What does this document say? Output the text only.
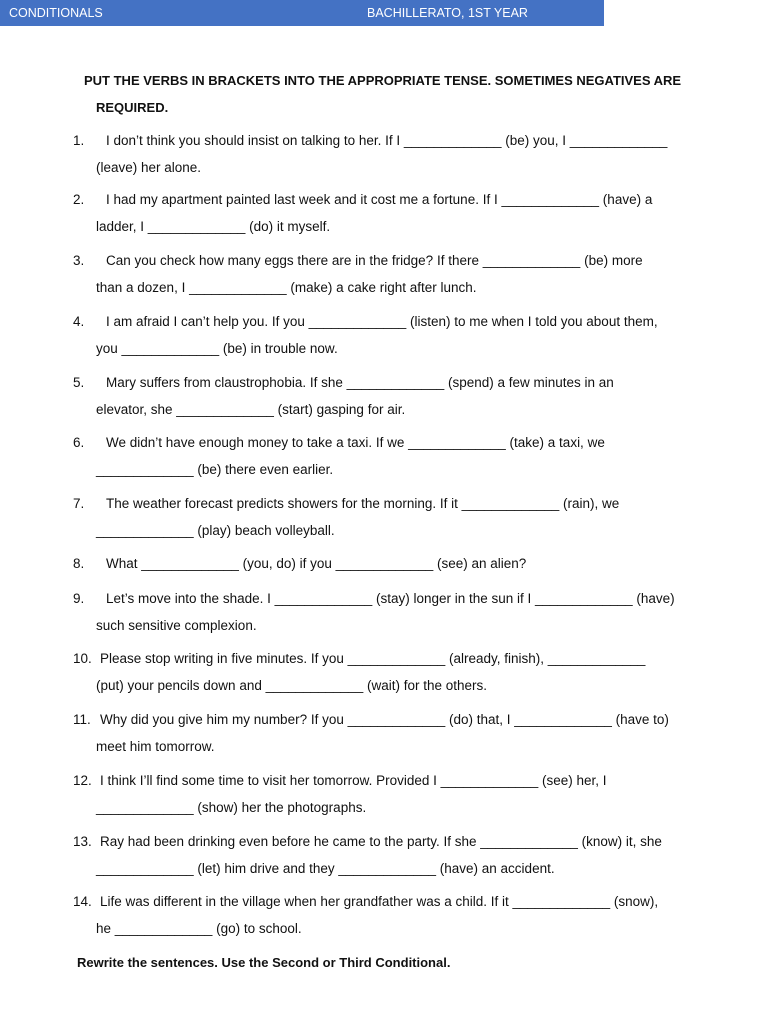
CONDITIONALS	BACHILLERATO, 1ST YEAR
PUT THE VERBS IN BRACKETS INTO THE APPROPRIATE TENSE. SOMETIMES NEGATIVES ARE
REQUIRED.
1. I don’t think you should insist on talking to her. If I _____________ (be) you, I _____________
(leave) her alone.
2. I had my apartment painted last week and it cost me a fortune. If I _____________ (have) a
ladder, I _____________ (do) it myself.
3. Can you check how many eggs there are in the fridge? If there _____________ (be) more
than a dozen, I _____________ (make) a cake right after lunch.
4. I am afraid I can’t help you. If you _____________ (listen) to me when I told you about them,
you _____________ (be) in trouble now.
5. Mary suffers from claustrophobia. If she _____________ (spend) a few minutes in an
elevator, she _____________ (start) gasping for air.
6. We didn’t have enough money to take a taxi. If we _____________ (take) a taxi, we
_____________ (be) there even earlier.
7. The weather forecast predicts showers for the morning. If it _____________ (rain), we
_____________ (play) beach volleyball.
8. What _____________ (you, do) if you _____________ (see) an alien?
9. Let’s move into the shade. I _____________ (stay) longer in the sun if I _____________ (have)
such sensitive complexion.
10. Please stop writing in five minutes. If you _____________ (already, finish), _____________
(put) your pencils down and _____________ (wait) for the others.
11. Why did you give him my number? If you _____________ (do) that, I _____________ (have to)
meet him tomorrow.
12. I think I’ll find some time to visit her tomorrow. Provided I _____________ (see) her, I
_____________ (show) her the photographs.
13. Ray had been drinking even before he came to the party. If she _____________ (know) it, she
_____________ (let) him drive and they _____________ (have) an accident.
14. Life was different in the village when her grandfather was a child. If it _____________ (snow),
he _____________ (go) to school.
Rewrite the sentences. Use the Second or Third Conditional.
